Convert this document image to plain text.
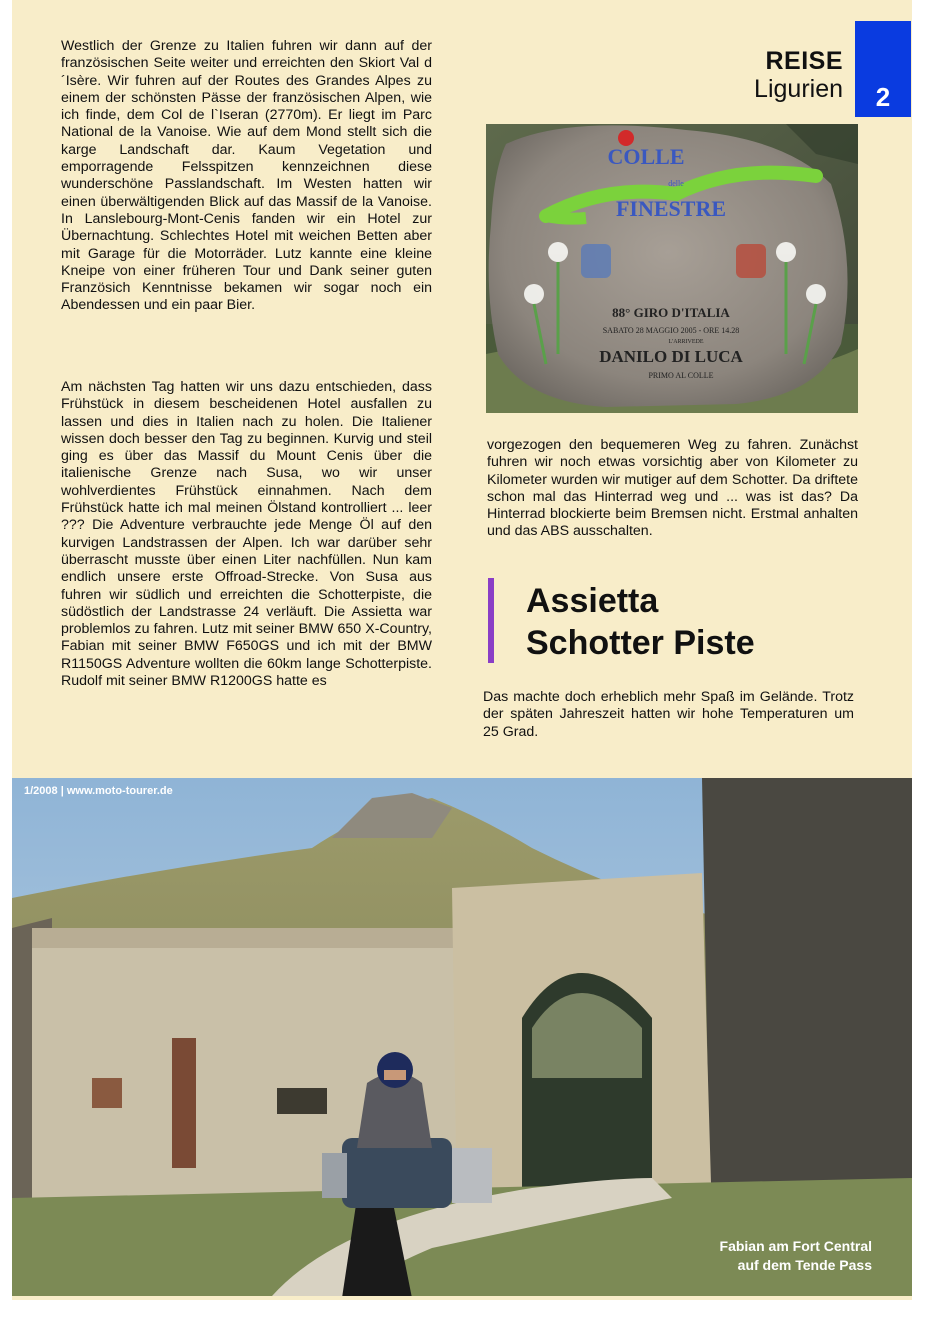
REISE
Ligurien 2

Westlich der Grenze zu Italien fuhren wir dann auf der französischen Seite weiter und erreichten den Skiort Val d´Isère. Wir fuhren auf der Routes des Grandes Alpes zu einem der schönsten Pässe der französischen Alpen, wie ich finde, dem Col de l`Iseran (2770m). Er liegt im Parc National de la Vanoise. Wie auf dem Mond stellt sich die karge Landschaft dar. Kaum Vegetation und emporragende Felsspitzen kennzeichnen diese wunderschöne Passlandschaft. Im Westen hatten wir einen überwältigenden Blick auf das Massif de la Vanoise. In Lanslebourg-Mont-Cenis fanden wir ein Hotel zur Übernachtung. Schlechtes Hotel mit weichen Betten aber mit Garage für die Motorräder. Lutz kannte eine kleine Kneipe von einer früheren Tour und Dank seiner guten Französich Kenntnisse bekamen wir sogar noch ein Abendessen und ein paar Bier.

Am nächsten Tag hatten wir uns dazu entschieden, dass Frühstück in diesem bescheidenen Hotel ausfallen zu lassen und dies in Italien nach zu holen. Die Italiener wissen doch besser den Tag zu beginnen. Kurvig und steil ging es über das Massif du Mount Cenis über die italienische Grenze nach Susa, wo wir unser wohlverdientes Frühstück einnahmen. Nach dem Frühstück hatte ich mal meinen Ölstand kontrolliert ... leer ??? Die Adventure verbrauchte jede Menge Öl auf den kurvigen Landstrassen der Alpen. Ich war darüber sehr überrascht musste über einen Liter nachfüllen. Nun kam endlich unsere erste Offroad-Strecke. Von Susa aus fuhren wir südlich und erreichten die Schotterpiste, die südöstlich der Landstrasse 24 verläuft. Die Assietta war problemlos zu fahren. Lutz mit seiner BMW 650 X-Country, Fabian mit seiner BMW F650GS und ich mit der BMW R1150GS Adventure wollten die 60km lange Schotterpiste. Rudolf mit seiner BMW R1200GS hatte es

COLLE
delle
FINESTRE
88° GIRO D'ITALIA
SABATO 28 MAGGIO 2005 - ORE 14.28
L'ARRIVEDE
DANILO DI LUCA
PRIMO AL COLLE

vorgezogen den bequemeren Weg zu fahren. Zunächst fuhren wir noch etwas vorsichtig aber von Kilometer zu Kilometer wurden wir mutiger auf dem Schotter. Da driftete schon mal das Hinterrad weg und ... was ist das? Da Hinterrad blockierte beim Bremsen nicht. Erstmal anhalten und das ABS ausschalten.

Assietta
Schotter Piste

Das machte doch erheblich mehr Spaß im Gelände. Trotz der späten Jahreszeit hatten wir hohe Temperaturen um 25 Grad.

1/2008 | www.moto-tourer.de
Fabian am Fort Central
auf dem Tende Pass
